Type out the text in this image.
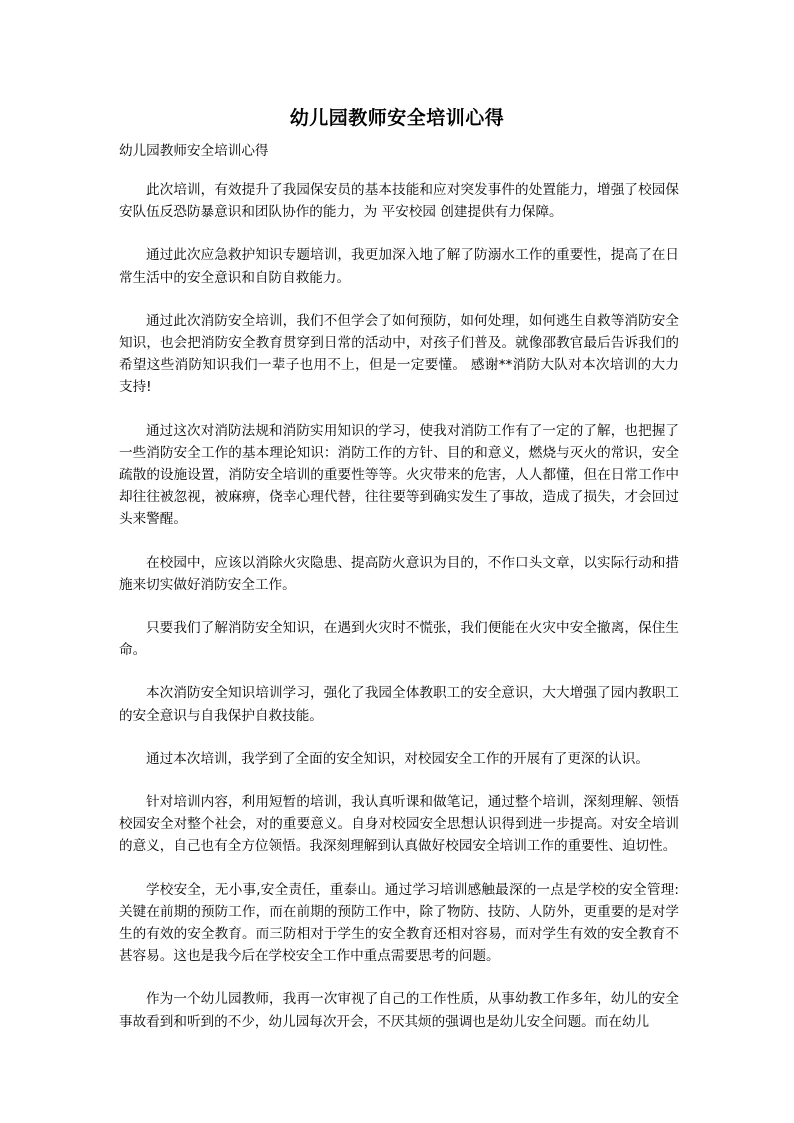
幼儿园教师安全培训心得
幼儿园教师安全培训心得

此次培训，有效提升了我园保安员的基本技能和应对突发事件的处置能力，增强了校园保安队伍反恐防暴意识和团队协作的能力，为 平安校园 创建提供有力保障。

通过此次应急救护知识专题培训，我更加深入地了解了防溺水工作的重要性，提高了在日常生活中的安全意识和自防自救能力。

通过此次消防安全培训，我们不但学会了如何预防，如何处理，如何逃生自救等消防安全知识，也会把消防安全教育贯穿到日常的活动中，对孩子们普及。就像邵教官最后告诉我们的 希望这些消防知识我们一辈子也用不上，但是一定要懂。 感谢**消防大队对本次培训的大力支持!

通过这次对消防法规和消防实用知识的学习，使我对消防工作有了一定的了解，也把握了一些消防安全工作的基本理论知识：消防工作的方针、目的和意义，燃烧与灭火的常识，安全疏散的设施设置，消防安全培训的重要性等等。火灾带来的危害，人人都懂，但在日常工作中却往往被忽视，被麻痹，侥幸心理代替，往往要等到确实发生了事故，造成了损失，才会回过头来警醒。

在校园中，应该以消除火灾隐患、提高防火意识为目的，不作口头文章，以实际行动和措施来切实做好消防安全工作。

只要我们了解消防安全知识，在遇到火灾时不慌张，我们便能在火灾中安全撤离，保住生命。

本次消防安全知识培训学习，强化了我园全体教职工的安全意识，大大增强了园内教职工的安全意识与自我保护自救技能。

通过本次培训，我学到了全面的安全知识，对校园安全工作的开展有了更深的认识。

针对培训内容，利用短暂的培训，我认真听课和做笔记，通过整个培训，深刻理解、领悟校园安全对整个社会，对的重要意义。自身对校园安全思想认识得到进一步提高。对安全培训的意义，自己也有全方位领悟。我深刻理解到认真做好校园安全培训工作的重要性、迫切性。

学校安全，无小事,安全责任，重泰山。通过学习培训感触最深的一点是学校的安全管理:关键在前期的预防工作，而在前期的预防工作中，除了物防、技防、人防外，更重要的是对学生的有效的安全教育。而三防相对于学生的安全教育还相对容易，而对学生有效的安全教育不甚容易。这也是我今后在学校安全工作中重点需要思考的问题。

作为一个幼儿园教师，我再一次审视了自己的工作性质，从事幼教工作多年，幼儿的安全事故看到和听到的不少，幼儿园每次开会，不厌其烦的强调也是幼儿安全问题。而在幼儿
